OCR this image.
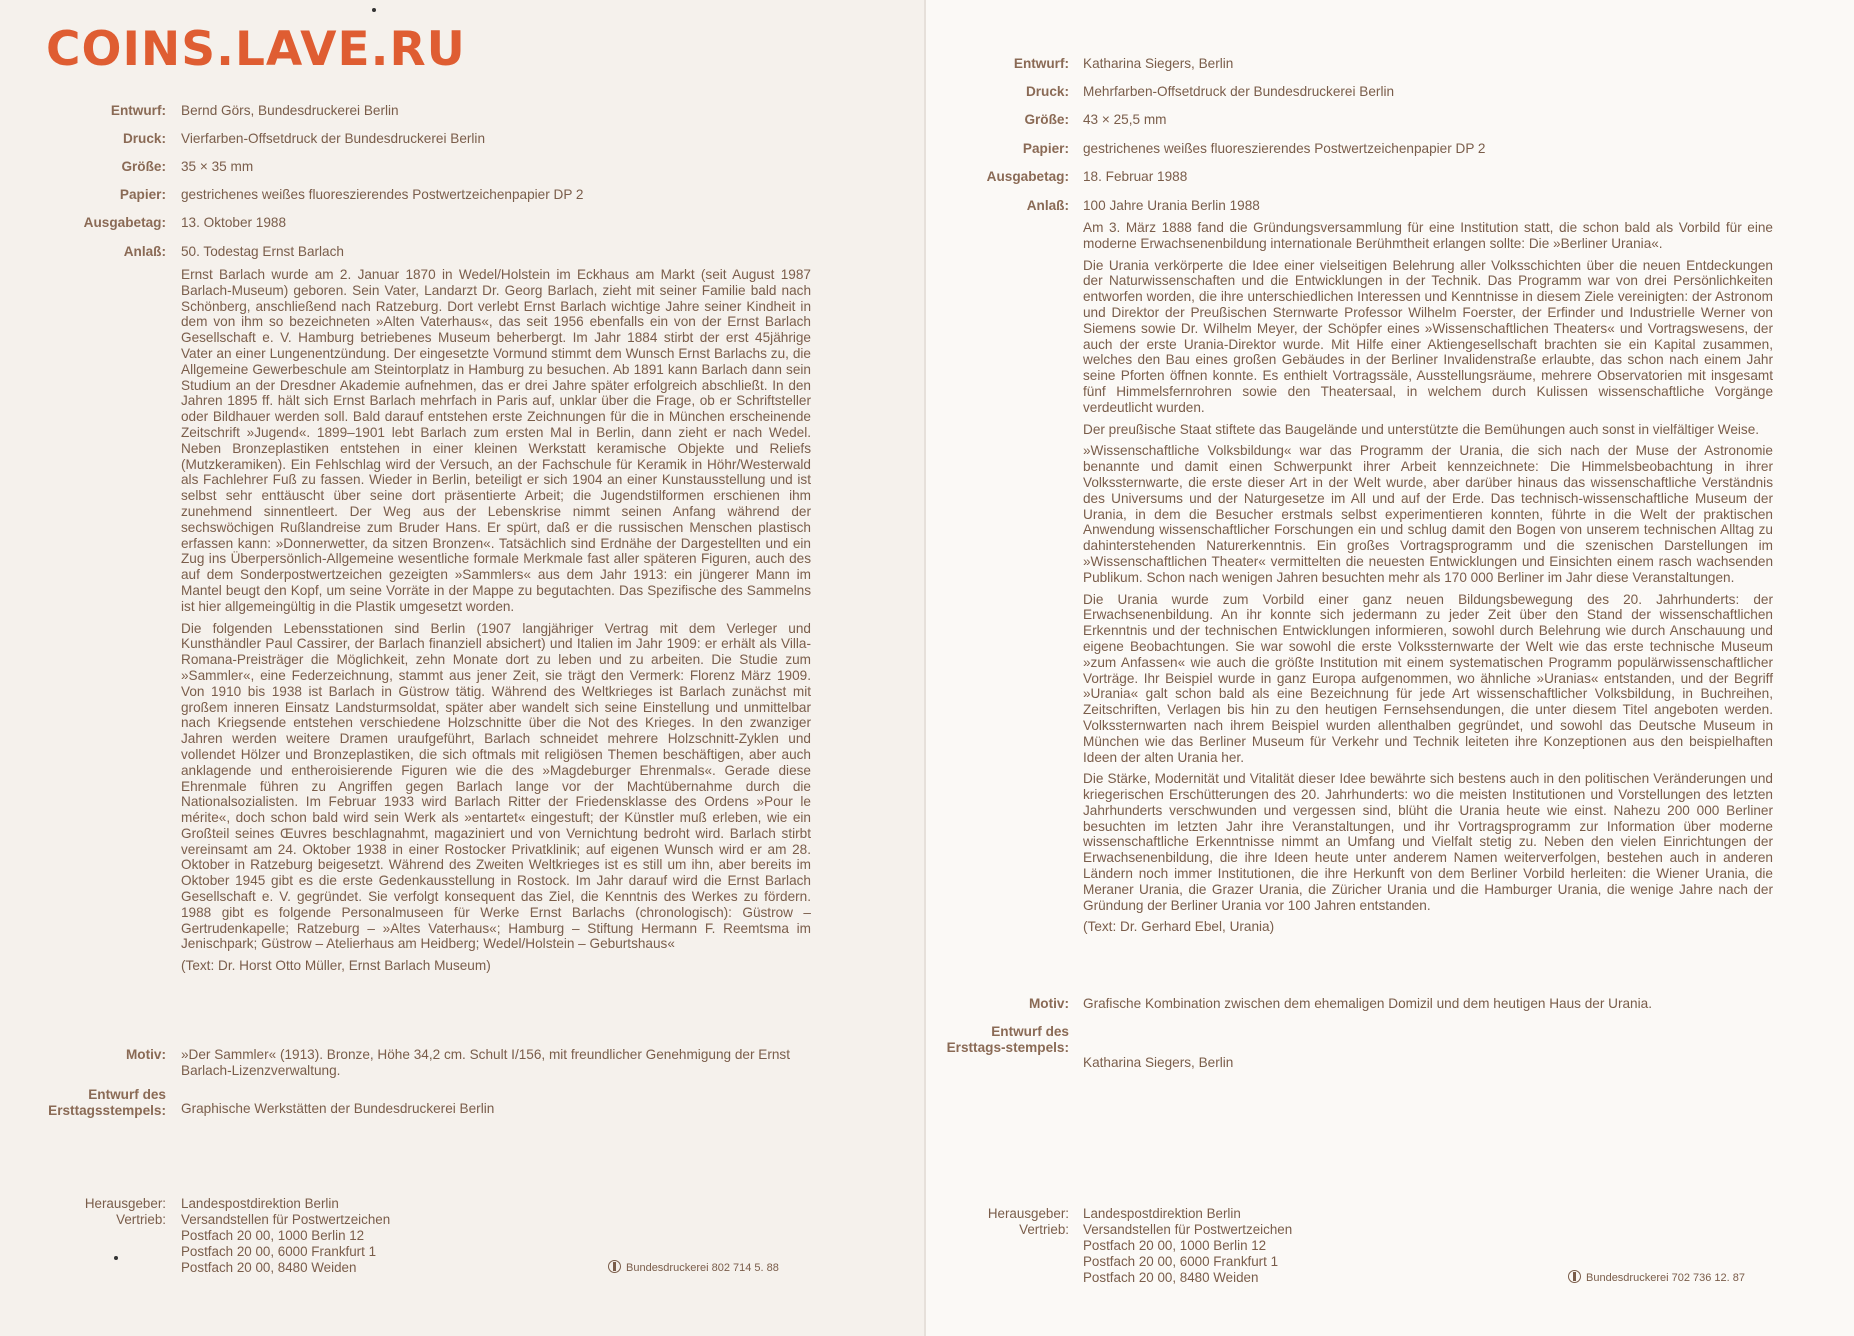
COINS.LAVE.RU
Entwurf: Bernd Görs, Bundesdruckerei Berlin
Druck: Vierfarben-Offsetdruck der Bundesdruckerei Berlin
Größe: 35 × 35 mm
Papier: gestrichenes weißes fluoreszierendes Postwertzeichenpapier DP 2
Ausgabetag: 13. Oktober 1988
Anlaß: 50. Todestag Ernst Barlach

Ernst Barlach wurde am 2. Januar 1870 in Wedel/Holstein im Eckhaus am Markt (seit August 1987 Barlach-Museum) geboren. Sein Vater, Landarzt Dr. Georg Barlach, zieht mit seiner Familie bald nach Schönberg, anschließend nach Ratzeburg. Dort verlebt Ernst Barlach wichtige Jahre seiner Kindheit in dem von ihm so bezeichneten »Alten Vaterhaus«, das seit 1956 ebenfalls ein von der Ernst Barlach Gesellschaft e. V. Hamburg betriebenes Museum beherbergt. Im Jahr 1884 stirbt der erst 45jährige Vater an einer Lungenentzündung. Der eingesetzte Vormund stimmt dem Wunsch Ernst Barlachs zu, die Allgemeine Gewerbeschule am Steintorplatz in Hamburg zu besuchen. Ab 1891 kann Barlach dann sein Studium an der Dresdner Akademie aufnehmen, das er drei Jahre später erfolgreich abschließt. In den Jahren 1895 ff. hält sich Ernst Barlach mehrfach in Paris auf, unklar über die Frage, ob er Schriftsteller oder Bildhauer werden soll. Bald darauf entstehen erste Zeichnungen für die in München erscheinende Zeitschrift »Jugend«. 1899–1901 lebt Barlach zum ersten Mal in Berlin, dann zieht er nach Wedel. Neben Bronzeplastiken entstehen in einer kleinen Werkstatt keramische Objekte und Reliefs (Mutzkeramiken). Ein Fehlschlag wird der Versuch, an der Fachschule für Keramik in Höhr/Westerwald als Fachlehrer Fuß zu fassen. Wieder in Berlin, beteiligt er sich 1904 an einer Kunstausstellung und ist selbst sehr enttäuscht über seine dort präsentierte Arbeit; die Jugendstilformen erschienen ihm zunehmend sinnentleert. Der Weg aus der Lebenskrise nimmt seinen Anfang während der sechswöchigen Rußlandreise zum Bruder Hans. Er spürt, daß er die russischen Menschen plastisch erfassen kann: »Donnerwetter, da sitzen Bronzen«. Tatsächlich sind Erdnähe der Dargestellten und ein Zug ins Überpersönlich-Allgemeine wesentliche formale Merkmale fast aller späteren Figuren, auch des auf dem Sonderpostwertzeichen gezeigten »Sammlers« aus dem Jahr 1913: ein jüngerer Mann im Mantel beugt den Kopf, um seine Vorräte in der Mappe zu begutachten. Das Spezifische des Sammelns ist hier allgemeingültig in die Plastik umgesetzt worden.

Die folgenden Lebensstationen sind Berlin (1907 langjähriger Vertrag mit dem Verleger und Kunsthändler Paul Cassirer, der Barlach finanziell absichert) und Italien im Jahr 1909: er erhält als Villa-Romana-Preisträger die Möglichkeit, zehn Monate dort zu leben und zu arbeiten. Die Studie zum »Sammler«, eine Federzeichnung, stammt aus jener Zeit, sie trägt den Vermerk: Florenz März 1909. Von 1910 bis 1938 ist Barlach in Güstrow tätig. Während des Weltkrieges ist Barlach zunächst mit großem inneren Einsatz Landsturmsoldat, später aber wandelt sich seine Einstellung und unmittelbar nach Kriegsende entstehen verschiedene Holzschnitte über die Not des Krieges. In den zwanziger Jahren werden weitere Dramen uraufgeführt, Barlach schneidet mehrere Holzschnitt-Zyklen und vollendet Hölzer und Bronzeplastiken, die sich oftmals mit religiösen Themen beschäftigen, aber auch anklagende und entheroisierende Figuren wie die des »Magdeburger Ehrenmals«. Gerade diese Ehrenmale führen zu Angriffen gegen Barlach lange vor der Machtübernahme durch die Nationalsozialisten. Im Februar 1933 wird Barlach Ritter der Friedensklasse des Ordens »Pour le mérite«, doch schon bald wird sein Werk als »entartet« eingestuft; der Künstler muß erleben, wie ein Großteil seines Œuvres beschlagnahmt, magaziniert und von Vernichtung bedroht wird. Barlach stirbt vereinsamt am 24. Oktober 1938 in einer Rostocker Privatklinik; auf eigenen Wunsch wird er am 28. Oktober in Ratzeburg beigesetzt. Während des Zweiten Weltkrieges ist es still um ihn, aber bereits im Oktober 1945 gibt es die erste Gedenkausstellung in Rostock. Im Jahr darauf wird die Ernst Barlach Gesellschaft e. V. gegründet. Sie verfolgt konsequent das Ziel, die Kenntnis des Werkes zu fördern. 1988 gibt es folgende Personalmuseen für Werke Ernst Barlachs (chronologisch): Güstrow – Gertrudenkapelle; Ratzeburg – »Altes Vaterhaus«; Hamburg – Stiftung Hermann F. Reemtsma im Jenischpark; Güstrow – Atelierhaus am Heidberg; Wedel/Holstein – Geburtshaus«

(Text: Dr. Horst Otto Müller, Ernst Barlach Museum)

Motiv: »Der Sammler« (1913). Bronze, Höhe 34,2 cm. Schult I/156, mit freundlicher Genehmigung der Ernst Barlach-Lizenzverwaltung.
Entwurf des Ersttagsstempels: Graphische Werkstätten der Bundesdruckerei Berlin
Herausgeber: Landespostdirektion Berlin
Vertrieb: Versandstellen für Postwertzeichen
Postfach 20 00, 1000 Berlin 12
Postfach 20 00, 6000 Frankfurt 1
Postfach 20 00, 8480 Weiden	Bundesdruckerei 802 714 5. 88
Entwurf: Katharina Siegers, Berlin
Druck: Mehrfarben-Offsetdruck der Bundesdruckerei Berlin
Größe: 43 × 25,5 mm
Papier: gestrichenes weißes fluoreszierendes Postwertzeichenpapier DP 2
Ausgabetag: 18. Februar 1988
Anlaß: 100 Jahre Urania Berlin 1988

Am 3. März 1888 fand die Gründungsversammlung für eine Institution statt, die schon bald als Vorbild für eine moderne Erwachsenenbildung internationale Berühmtheit erlangen sollte: Die »Berliner Urania«.

Die Urania verkörperte die Idee einer vielseitigen Belehrung aller Volksschichten über die neuen Entdeckungen der Naturwissenschaften und die Entwicklungen in der Technik. Das Programm war von drei Persönlichkeiten entworfen worden, die ihre unterschiedlichen Interessen und Kenntnisse in diesem Ziele vereinigten: der Astronom und Direktor der Preußischen Sternwarte Professor Wilhelm Foerster, der Erfinder und Industrielle Werner von Siemens sowie Dr. Wilhelm Meyer, der Schöpfer eines »Wissenschaftlichen Theaters« und Vortragswesens, der auch der erste Urania-Direktor wurde. Mit Hilfe einer Aktiengesellschaft brachten sie ein Kapital zusammen, welches den Bau eines großen Gebäudes in der Berliner Invalidenstraße erlaubte, das schon nach einem Jahr seine Pforten öffnen konnte. Es enthielt Vortragssäle, Ausstellungsräume, mehrere Observatorien mit insgesamt fünf Himmelsfernrohren sowie den Theatersaal, in welchem durch Kulissen wissenschaftliche Vorgänge verdeutlicht wurden.

Der preußische Staat stiftete das Baugelände und unterstützte die Bemühungen auch sonst in vielfältiger Weise.

»Wissenschaftliche Volksbildung« war das Programm der Urania, die sich nach der Muse der Astronomie benannte und damit einen Schwerpunkt ihrer Arbeit kennzeichnete: Die Himmelsbeobachtung in ihrer Volkssternwarte, die erste dieser Art in der Welt wurde, aber darüber hinaus das wissenschaftliche Verständnis des Universums und der Naturgesetze im All und auf der Erde. Das technisch-wissenschaftliche Museum der Urania, in dem die Besucher erstmals selbst experimentieren konnten, führte in die Welt der praktischen Anwendung wissenschaftlicher Forschungen ein und schlug damit den Bogen von unserem technischen Alltag zu dahinterstehenden Naturerkenntnis. Ein großes Vortragsprogramm und die szenischen Darstellungen im »Wissenschaftlichen Theater« vermittelten die neuesten Entwicklungen und Einsichten einem rasch wachsenden Publikum. Schon nach wenigen Jahren besuchten mehr als 170 000 Berliner im Jahr diese Veranstaltungen.

Die Urania wurde zum Vorbild einer ganz neuen Bildungsbewegung des 20. Jahrhunderts: der Erwachsenenbildung. An ihr konnte sich jedermann zu jeder Zeit über den Stand der wissenschaftlichen Erkenntnis und der technischen Entwicklungen informieren, sowohl durch Belehrung wie durch Anschauung und eigene Beobachtungen. Sie war sowohl die erste Volkssternwarte der Welt wie das erste technische Museum »zum Anfassen« wie auch die größte Institution mit einem systematischen Programm populärwissenschaftlicher Vorträge. Ihr Beispiel wurde in ganz Europa aufgenommen, wo ähnliche »Uranias« entstanden, und der Begriff »Urania« galt schon bald als eine Bezeichnung für jede Art wissenschaftlicher Volksbildung, in Buchreihen, Zeitschriften, Verlagen bis hin zu den heutigen Fernsehsendungen, die unter diesem Titel angeboten werden. Volkssternwarten nach ihrem Beispiel wurden allenthalben gegründet, und sowohl das Deutsche Museum in München wie das Berliner Museum für Verkehr und Technik leiteten ihre Konzeptionen aus den beispielhaften Ideen der alten Urania her.

Die Stärke, Modernität und Vitalität dieser Idee bewährte sich bestens auch in den politischen Veränderungen und kriegerischen Erschütterungen des 20. Jahrhunderts: wo die meisten Institutionen und Vorstellungen des letzten Jahrhunderts verschwunden und vergessen sind, blüht die Urania heute wie einst. Nahezu 200 000 Berliner besuchten im letzten Jahr ihre Veranstaltungen, und ihr Vortragsprogramm zur Information über moderne wissenschaftliche Erkenntnisse nimmt an Umfang und Vielfalt stetig zu. Neben den vielen Einrichtungen der Erwachsenenbildung, die ihre Ideen heute unter anderem Namen weiterverfolgen, bestehen auch in anderen Ländern noch immer Institutionen, die ihre Herkunft von dem Berliner Vorbild herleiten: die Wiener Urania, die Meraner Urania, die Grazer Urania, die Züricher Urania und die Hamburger Urania, die wenige Jahre nach der Gründung der Berliner Urania vor 100 Jahren entstanden.

(Text: Dr. Gerhard Ebel, Urania)

Motiv: Grafische Kombination zwischen dem ehemaligen Domizil und dem heutigen Haus der Urania.
Entwurf des Ersttags-stempels:
Katharina Siegers, Berlin
Herausgeber: Landespostdirektion Berlin
Vertrieb: Versandstellen für Postwertzeichen
Postfach 20 00, 1000 Berlin 12
Postfach 20 00, 6000 Frankfurt 1
Postfach 20 00, 8480 Weiden	Bundesdruckerei 702 736 12. 87
